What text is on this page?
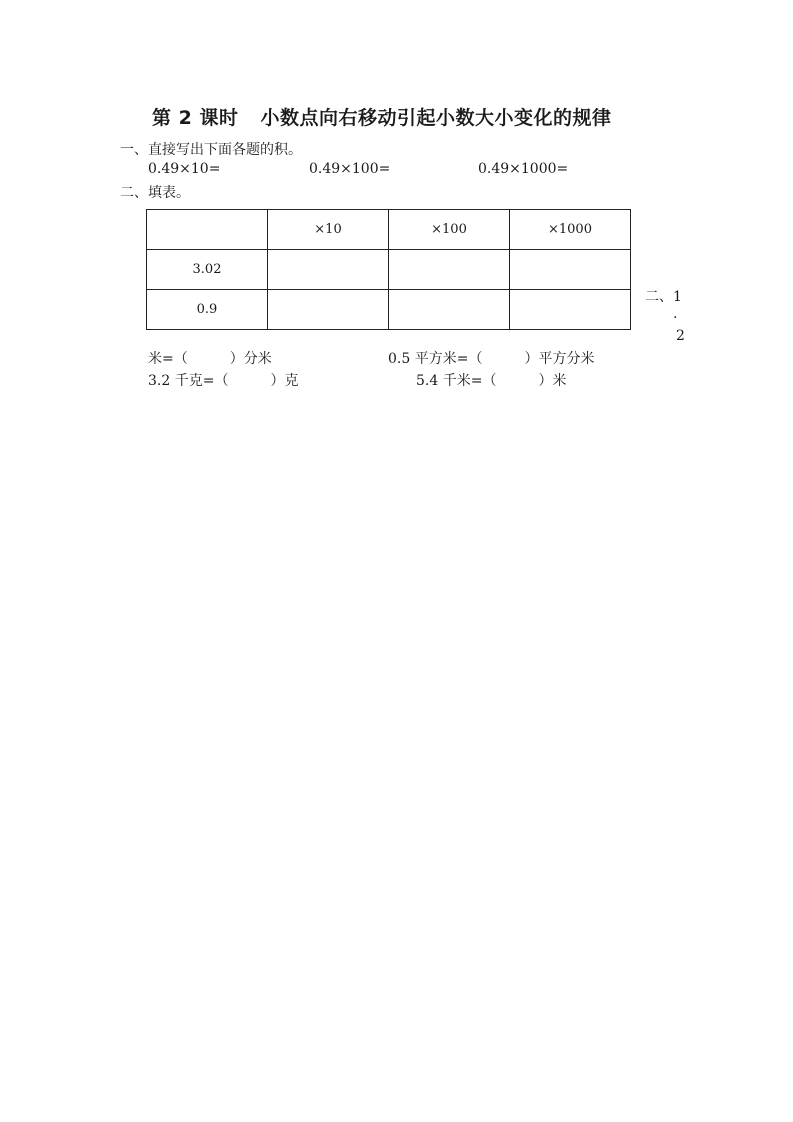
第 2 课时 小数点向右移动引起小数大小变化的规律
一、直接写出下面各题的积。
0.49×10=	0.49×100=	0.49×1000=
二、填表。
	×10	×100	×1000
3.02			
0.9			
二、1
.
2
米=（　　　）分米	0.5 平方米=（　　　）平方分米
3.2 千克=（　　　）克	5.4 千米=（　　　）米
